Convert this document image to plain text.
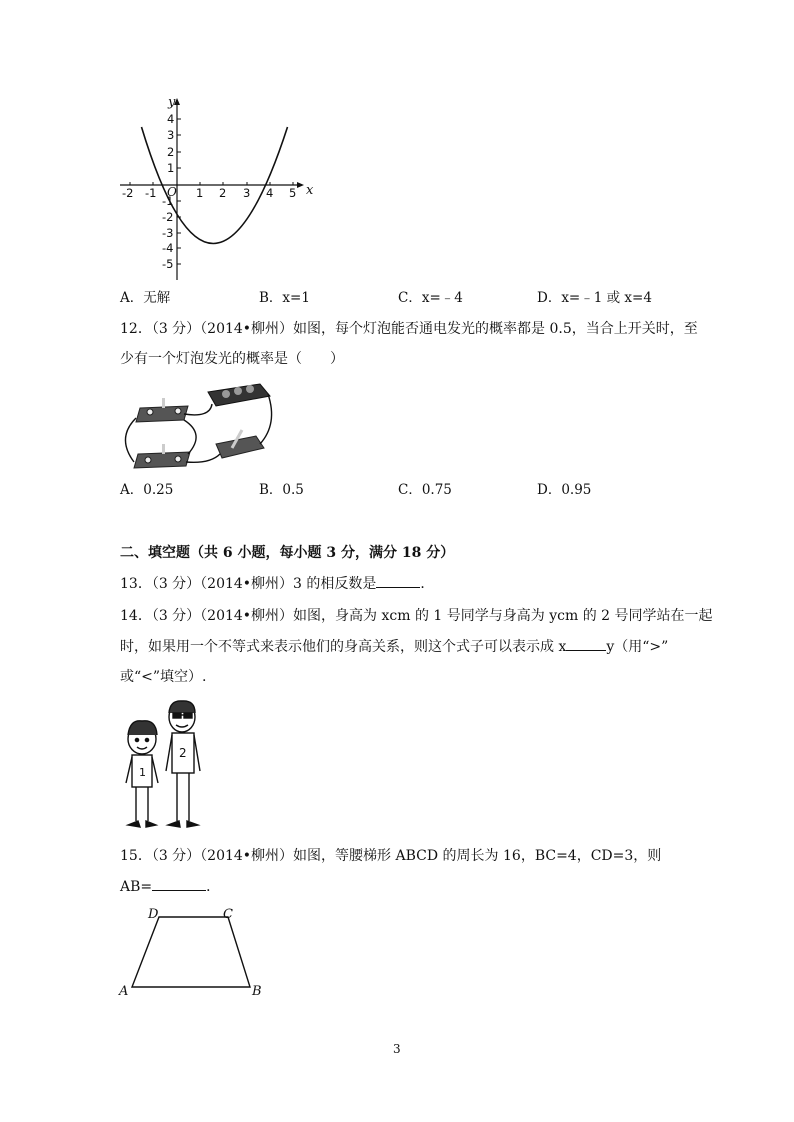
-2 -1	1 2 3 4 5
4
3
2
1
-1
-2
-3
-4
-5
O
y
x
A．无解	B．x=1	C．x=﹣4	D．x=﹣1 或 x=4
12．（3 分）（2014•柳州）如图，每个灯泡能否通电发光的概率都是 0.5，当合上开关时，至
少有一个灯泡发光的概率是（　　）
A．0.25	B．0.5	C．0.75	D．0.95
二、填空题（共 6 小题，每小题 3 分，满分 18 分）
13．（3 分）（2014•柳州）3 的相反数是	．
14．（3 分）（2014•柳州）如图，身高为 xcm 的 1 号同学与身高为 ycm 的 2 号同学站在一起
时，如果用一个不等式来表示他们的身高关系，则这个式子可以表示成 x	y（用“>”
或“<”填空）.
1
2
15．（3 分）（2014•柳州）如图，等腰梯形 ABCD 的周长为 16，BC=4，CD=3，则
AB=	．
A	B
C
D
3
